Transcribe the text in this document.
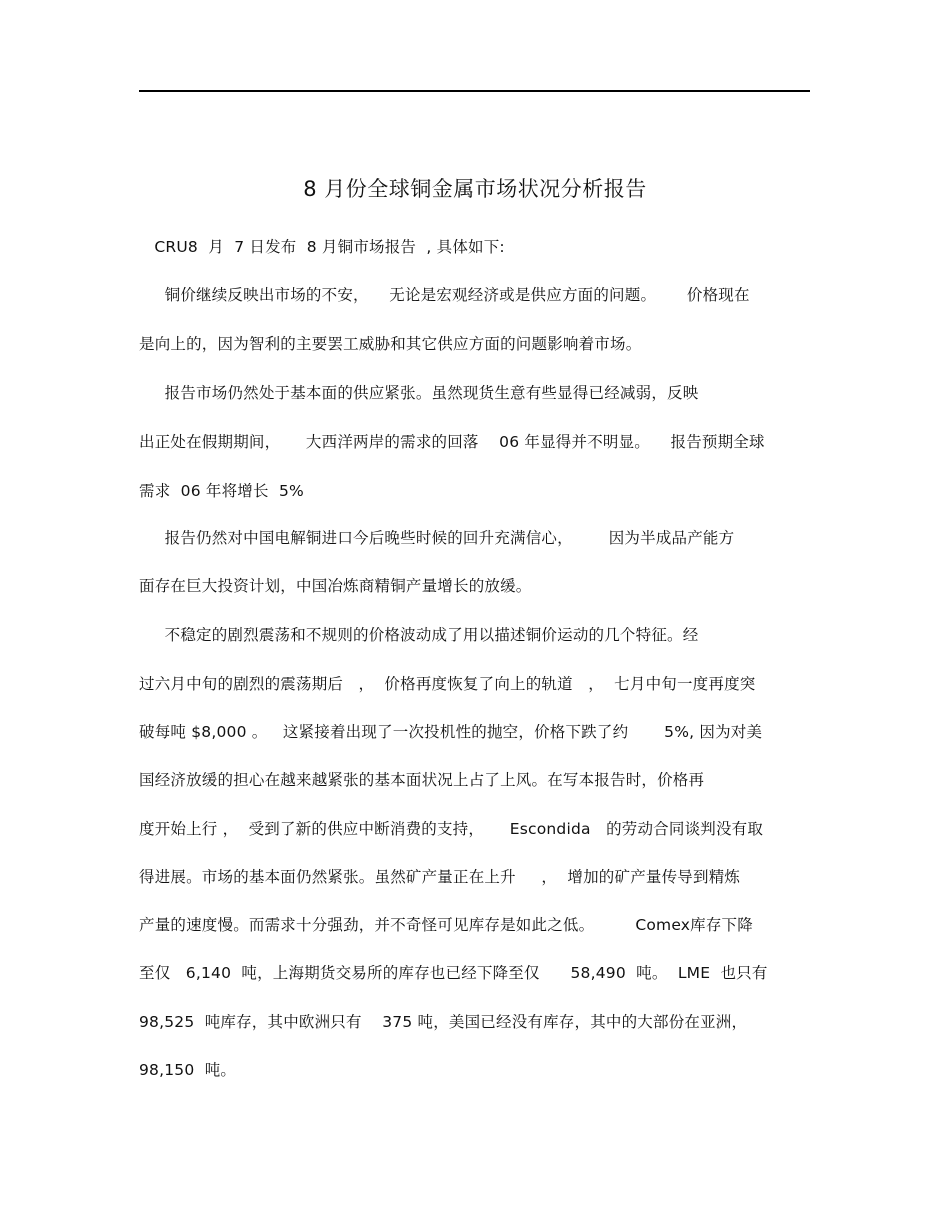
8 月份全球铜金属市场状况分析报告
CRU8  月  7 日发布  8 月铜市场报告  , 具体如下:
铜价继续反映出市场的不安，    无论是宏观经济或是供应方面的问题。      价格现在
是向上的，因为智利的主要罢工威胁和其它供应方面的问题影响着市场。
报告市场仍然处于基本面的供应紧张。虽然现货生意有些显得已经减弱，反映
出正处在假期期间，     大西洋两岸的需求的回落    06 年显得并不明显。    报告预期全球
需求  06 年将增长  5%
报告仍然对中国电解铜进口今后晚些时候的回升充满信心，       因为半成品产能方
面存在巨大投资计划，中国冶炼商精铜产量增长的放缓。
不稳定的剧烈震荡和不规则的价格波动成了用以描述铜价运动的几个特征。经
过六月中旬的剧烈的震荡期后   ，  价格再度恢复了向上的轨道   ，  七月中旬一度再度突
破每吨 $8,000 。   这紧接着出现了一次投机性的抛空，价格下跌了约       5%, 因为对美
国经济放缓的担心在越来越紧张的基本面状况上占了上风。在写本报告时，价格再
度开始上行 ，  受到了新的供应中断消费的支持，     Escondida   的劳动合同谈判没有取
得进展。市场的基本面仍然紧张。虽然矿产量正在上升     ，  增加的矿产量传导到精炼
产量的速度慢。而需求十分强劲，并不奇怪可见库存是如此之低。        Comex库存下降
至仅   6,140  吨，上海期货交易所的库存也已经下降至仅      58,490  吨。  LME  也只有
98,525  吨库存，其中欧洲只有    375 吨，美国已经没有库存，其中的大部份在亚洲，
98,150  吨。
